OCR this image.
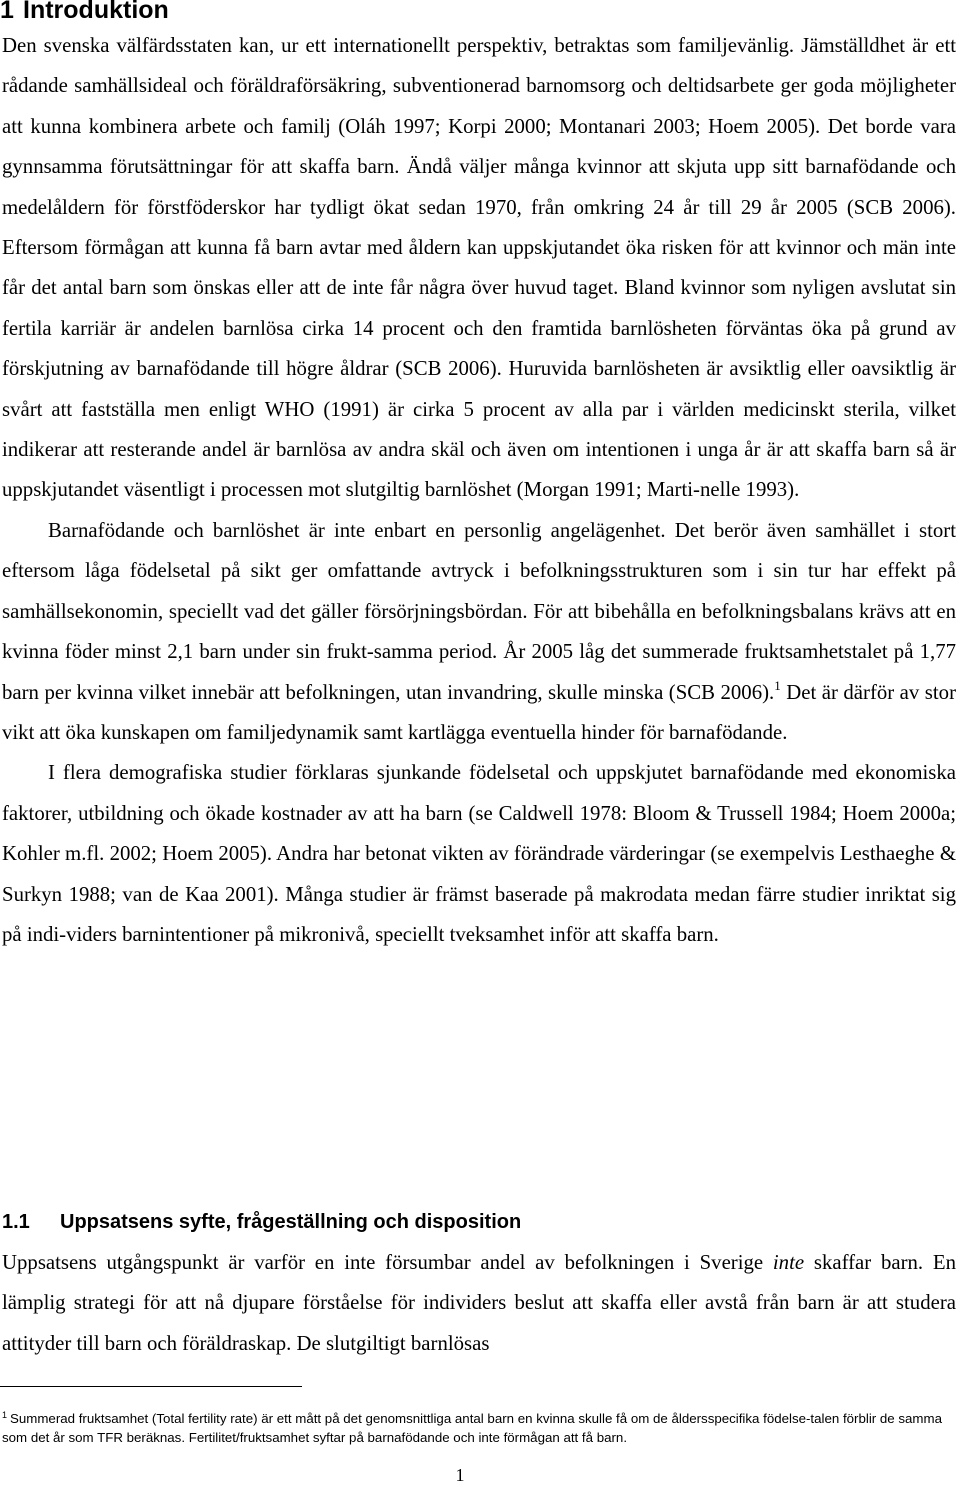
1 Introduktion

Den svenska välfärdsstaten kan, ur ett internationellt perspektiv, betraktas som familjevänlig. Jämställdhet är ett rådande samhällsideal och föräldraförsäkring, subventionerad barnomsorg och deltidsarbete ger goda möjligheter att kunna kombinera arbete och familj (Oláh 1997; Korpi 2000; Montanari 2003; Hoem 2005). Det borde vara gynnsamma förutsättningar för att skaffa barn. Ändå väljer många kvinnor att skjuta upp sitt barnafödande och medelåldern för förstföderskor har tydligt ökat sedan 1970, från omkring 24 år till 29 år 2005 (SCB 2006). Eftersom förmågan att kunna få barn avtar med åldern kan uppskjutandet öka risken för att kvinnor och män inte får det antal barn som önskas eller att de inte får några över huvud taget. Bland kvinnor som nyligen avslutat sin fertila karriär är andelen barnlösa cirka 14 procent och den framtida barnlösheten förväntas öka på grund av förskjutning av barnafödande till högre åldrar (SCB 2006). Huruvida barnlösheten är avsiktlig eller oavsiktlig är svårt att fastställa men enligt WHO (1991) är cirka 5 procent av alla par i världen medicinskt sterila, vilket indikerar att resterande andel är barnlösa av andra skäl och även om intentionen i unga år är att skaffa barn så är uppskjutandet väsentligt i processen mot slutgiltig barnlöshet (Morgan 1991; Marti-nelle 1993).

Barnafödande och barnlöshet är inte enbart en personlig angelägenhet. Det berör även samhället i stort eftersom låga födelsetal på sikt ger omfattande avtryck i befolkningsstrukturen som i sin tur har effekt på samhällsekonomin, speciellt vad det gäller försörjningsbördan. För att bibehålla en befolkningsbalans krävs att en kvinna föder minst 2,1 barn under sin frukt-samma period. År 2005 låg det summerade fruktsamhetstalet på 1,77 barn per kvinna vilket innebär att befolkningen, utan invandring, skulle minska (SCB 2006).$^1$ Det är därför av stor vikt att öka kunskapen om familjedynamik samt kartlägga eventuella hinder för barnafödande.

I flera demografiska studier förklaras sjunkande födelsetal och uppskjutet barnafödande med ekonomiska faktorer, utbildning och ökade kostnader av att ha barn (se Caldwell 1978: Bloom & Trussell 1984; Hoem 2000a; Kohler m.fl. 2002; Hoem 2005). Andra har betonat vikten av förändrade värderingar (se exempelvis Lesthaeghe & Surkyn 1988; van de Kaa 2001). Många studier är främst baserade på makrodata medan färre studier inriktat sig på indi-viders barnintentioner på mikronivå, speciellt tveksamhet inför att skaffa barn.

1.1 Uppsatsens syfte, frågeställning och disposition

Uppsatsens utgångspunkt är varför en inte försumbar andel av befolkningen i Sverige inte skaffar barn. En lämplig strategi för att nå djupare förståelse för individers beslut att skaffa eller avstå från barn är att studera attityder till barn och föräldraskap. De slutgiltigt barnlösas

$^1$ Summerad fruktsamhet (Total fertility rate) är ett mått på det genomsnittliga antal barn en kvinna skulle få om de åldersspecifika födelse-talen förblir de samma som det år som TFR beräknas. Fertilitet/fruktsamhet syftar på barnafödande och inte förmågan att få barn.

1
